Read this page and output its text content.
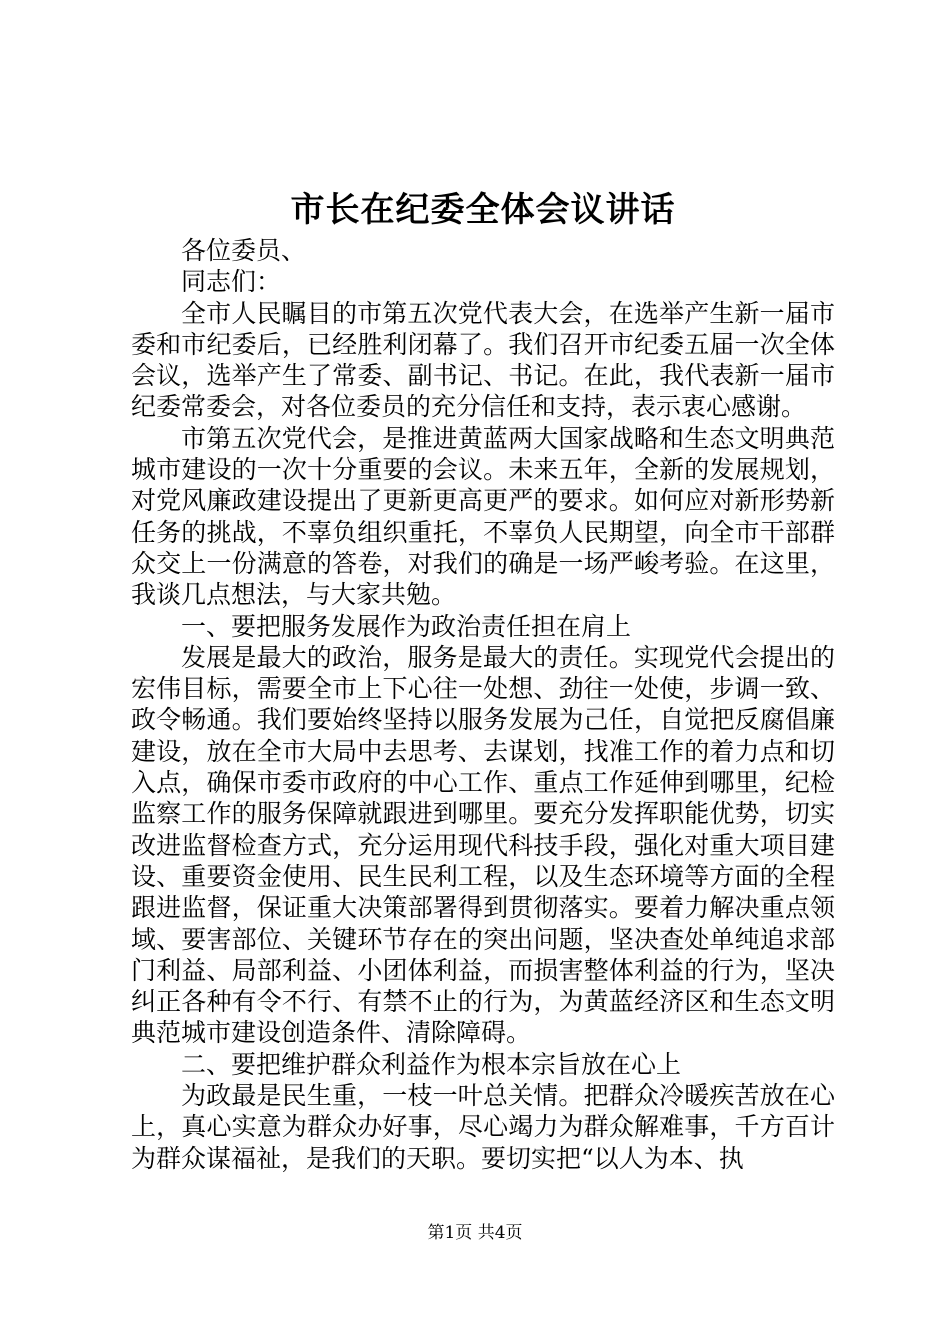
市长在纪委全体会议讲话

各位委员、

同志们：

全市人民瞩目的市第五次党代表大会，在选举产生新一届市委和市纪委后，已经胜利闭幕了。我们召开市纪委五届一次全体会议，选举产生了常委、副书记、书记。在此，我代表新一届市纪委常委会，对各位委员的充分信任和支持，表示衷心感谢。

市第五次党代会，是推进黄蓝两大国家战略和生态文明典范城市建设的一次十分重要的会议。未来五年，全新的发展规划，对党风廉政建设提出了更新更高更严的要求。如何应对新形势新任务的挑战，不辜负组织重托，不辜负人民期望，向全市干部群众交上一份满意的答卷，对我们的确是一场严峻考验。在这里，我谈几点想法，与大家共勉。

一、要把服务发展作为政治责任担在肩上

发展是最大的政治，服务是最大的责任。实现党代会提出的宏伟目标，需要全市上下心往一处想、劲往一处使，步调一致、政令畅通。我们要始终坚持以服务发展为己任，自觉把反腐倡廉建设，放在全市大局中去思考、去谋划，找准工作的着力点和切入点，确保市委市政府的中心工作、重点工作延伸到哪里，纪检监察工作的服务保障就跟进到哪里。要充分发挥职能优势，切实改进监督检查方式，充分运用现代科技手段，强化对重大项目建设、重要资金使用、民生民利工程，以及生态环境等方面的全程跟进监督，保证重大决策部署得到贯彻落实。要着力解决重点领域、要害部位、关键环节存在的突出问题，坚决查处单纯追求部门利益、局部利益、小团体利益，而损害整体利益的行为，坚决纠正各种有令不行、有禁不止的行为，为黄蓝经济区和生态文明典范城市建设创造条件、清除障碍。

二、要把维护群众利益作为根本宗旨放在心上

为政最是民生重，一枝一叶总关情。把群众冷暖疾苦放在心上，真心实意为群众办好事，尽心竭力为群众解难事，千方百计为群众谋福祉，是我们的天职。要切实把“以人为本、执

第1页 共4页
